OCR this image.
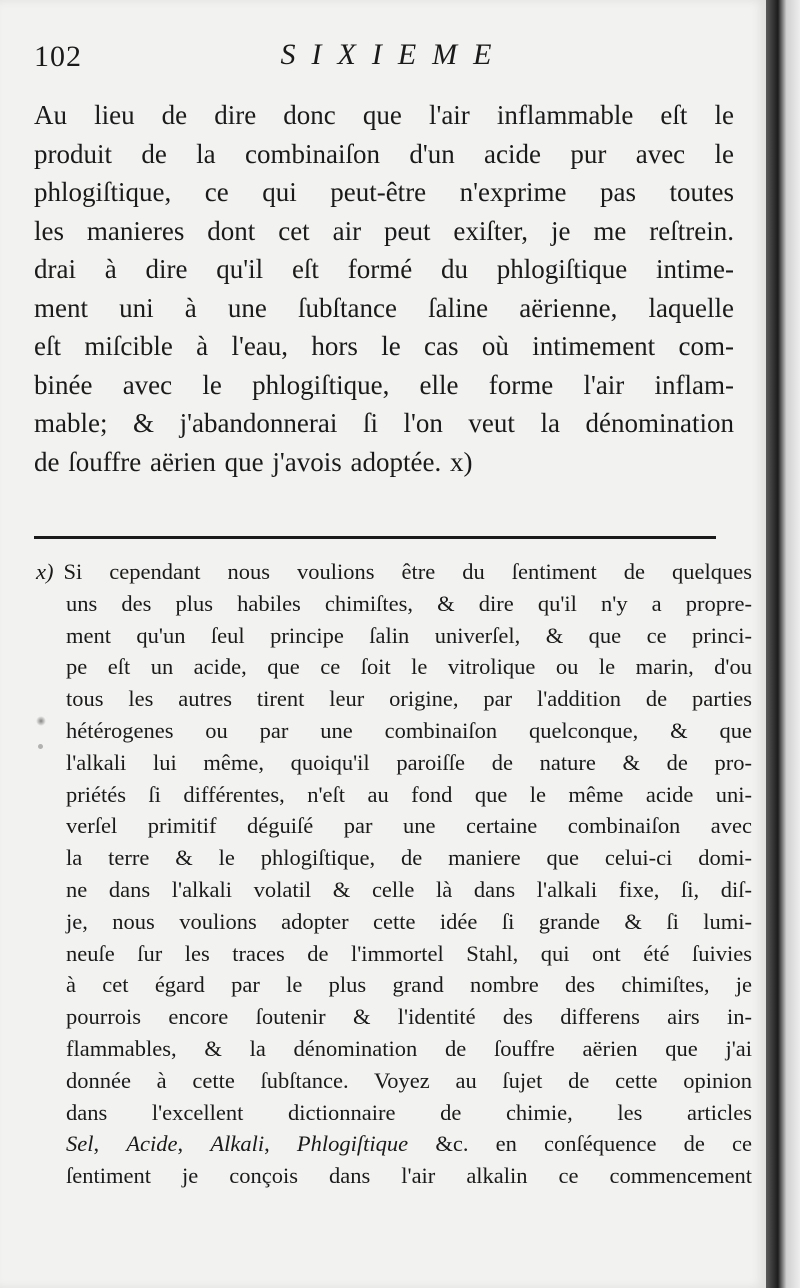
102	SIXIEME
Au lieu de dire donc que l'air inflammable eſt le
produit de la combinaiſon d'un acide pur avec le
phlogiſtique, ce qui peut-être n'exprime pas toutes
les manieres dont cet air peut exiſter, je me reſtrein.
drai à dire qu'il eſt formé du phlogiſtique intime-
ment uni à une ſubſtance ſaline aërienne, laquelle
eſt miſcible à l'eau, hors le cas où intimement com-
binée avec le phlogiſtique, elle forme l'air inflam-
mable; & j'abandonnerai ſi l'on veut la dénomination
de ſouffre aërien que j'avois adoptée. x)
x) Si cependant nous voulions être du ſentiment de quelques
uns des plus habiles chimiſtes, & dire qu'il n'y a propre-
ment qu'un ſeul principe ſalin univerſel, & que ce princi-
pe eſt un acide, que ce ſoit le vitrolique ou le marin, d'ou
tous les autres tirent leur origine, par l'addition de parties
hétérogenes ou par une combinaiſon quelconque, & que
l'alkali lui même, quoiqu'il paroiſſe de nature & de pro-
priétés ſi différentes, n'eſt au fond que le même acide uni-
verſel primitif déguiſé par une certaine combinaiſon avec
la terre & le phlogiſtique, de maniere que celui-ci domi-
ne dans l'alkali volatil & celle là dans l'alkali fixe, ſi, diſ-
je, nous voulions adopter cette idée ſi grande & ſi lumi-
neuſe ſur les traces de l'immortel Stahl, qui ont été ſuivies
à cet égard par le plus grand nombre des chimiſtes, je
pourrois encore ſoutenir & l'identité des differens airs in-
flammables, & la dénomination de ſouffre aërien que j'ai
donnée à cette ſubſtance. Voyez au ſujet de cette opinion
dans l'excellent dictionnaire de chimie, les articles
Sel, Acide, Alkali, Phlogiſtique &c. en conſéquence de ce
ſentiment je conçois dans l'air alkalin ce commencement
